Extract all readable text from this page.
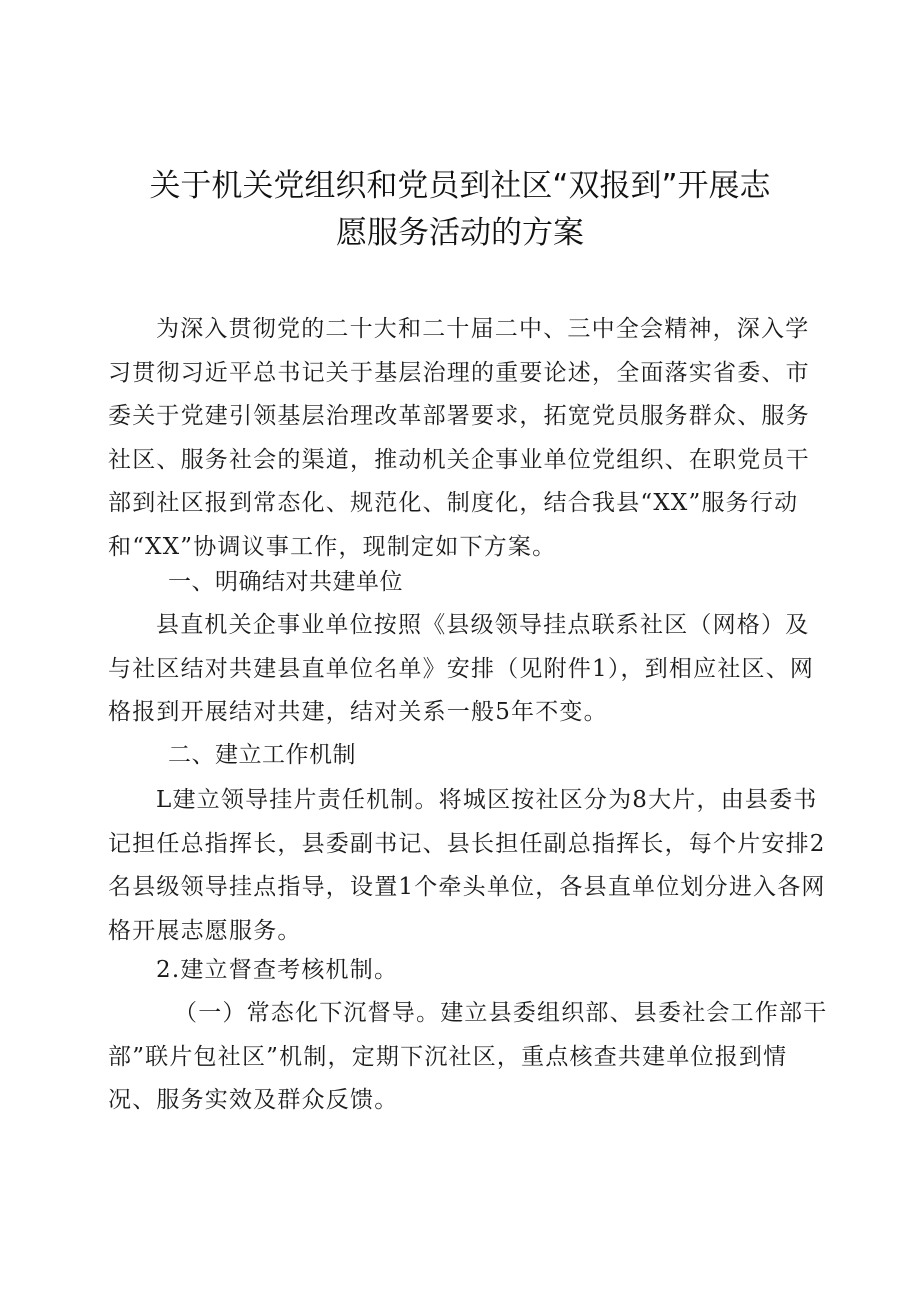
关于机关党组织和党员到社区“双报到”开展志
愿服务活动的方案
为深入贯彻党的二十大和二十届二中、三中全会精神，深入学习贯彻习近平总书记关于基层治理的重要论述，全面落实省委、市委关于党建引领基层治理改革部署要求，拓宽党员服务群众、服务社区、服务社会的渠道，推动机关企事业单位党组织、在职党员干部到社区报到常态化、规范化、制度化，结合我县“XX”服务行动和“XX”协调议事工作，现制定如下方案。
一、明确结对共建单位
县直机关企事业单位按照《县级领导挂点联系社区（网格）及与社区结对共建县直单位名单》安排（见附件1），到相应社区、网格报到开展结对共建，结对关系一般5年不变。
二、建立工作机制
L建立领导挂片责任机制。将城区按社区分为8大片，由县委书记担任总指挥长，县委副书记、县长担任副总指挥长，每个片安排2名县级领导挂点指导，设置1个牵头单位，各县直单位划分进入各网格开展志愿服务。
2.建立督查考核机制。
（一）常态化下沉督导。建立县委组织部、县委社会工作部干部”联片包社区”机制，定期下沉社区，重点核查共建单位报到情况、服务实效及群众反馈。
